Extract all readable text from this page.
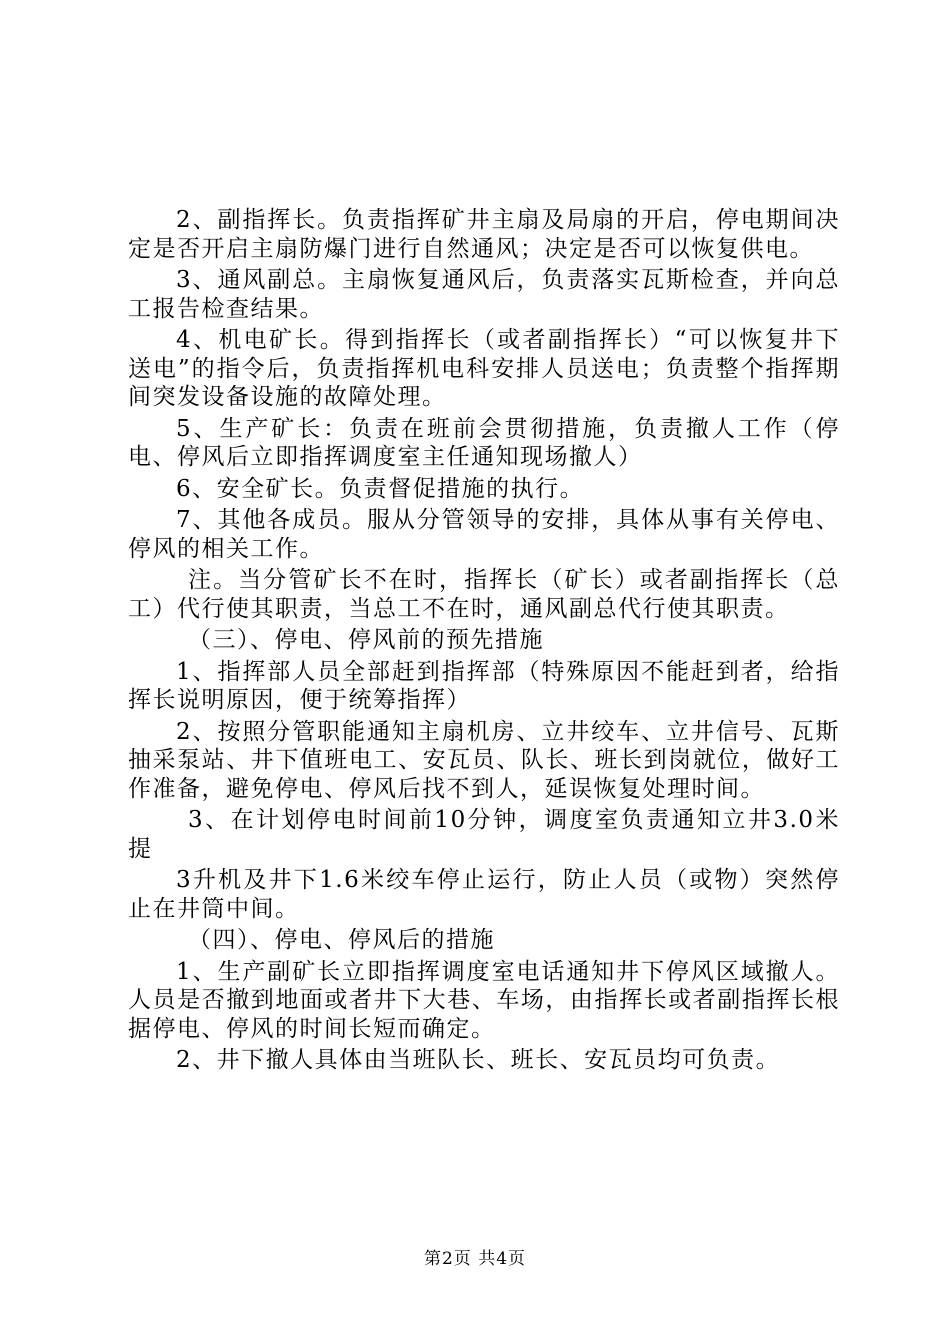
2、副指挥长。负责指挥矿井主扇及局扇的开启，停电期间决定是否开启主扇防爆门进行自然通风；决定是否可以恢复供电。

3、通风副总。主扇恢复通风后，负责落实瓦斯检查，并向总工报告检查结果。

4、机电矿长。得到指挥长（或者副指挥长）“可以恢复井下送电”的指令后，负责指挥机电科安排人员送电；负责整个指挥期间突发设备设施的故障处理。

5、生产矿长：负责在班前会贯彻措施，负责撤人工作（停电、停风后立即指挥调度室主任通知现场撤人）

6、安全矿长。负责督促措施的执行。

7、其他各成员。服从分管领导的安排，具体从事有关停电、停风的相关工作。

注。当分管矿长不在时，指挥长（矿长）或者副指挥长（总工）代行使其职责，当总工不在时，通风副总代行使其职责。

（三）、停电、停风前的预先措施

1、指挥部人员全部赶到指挥部（特殊原因不能赶到者，给指挥长说明原因，便于统筹指挥）

2、按照分管职能通知主扇机房、立井绞车、立井信号、瓦斯抽采泵站、井下值班电工、安瓦员、队长、班长到岗就位，做好工作准备，避免停电、停风后找不到人，延误恢复处理时间。

3、在计划停电时间前10分钟，调度室负责通知立井3.0米提

3升机及井下1.6米绞车停止运行，防止人员（或物）突然停止在井筒中间。

（四）、停电、停风后的措施

1、生产副矿长立即指挥调度室电话通知井下停风区域撤人。人员是否撤到地面或者井下大巷、车场，由指挥长或者副指挥长根据停电、停风的时间长短而确定。

2、井下撤人具体由当班队长、班长、安瓦员均可负责。

第2页 共4页
